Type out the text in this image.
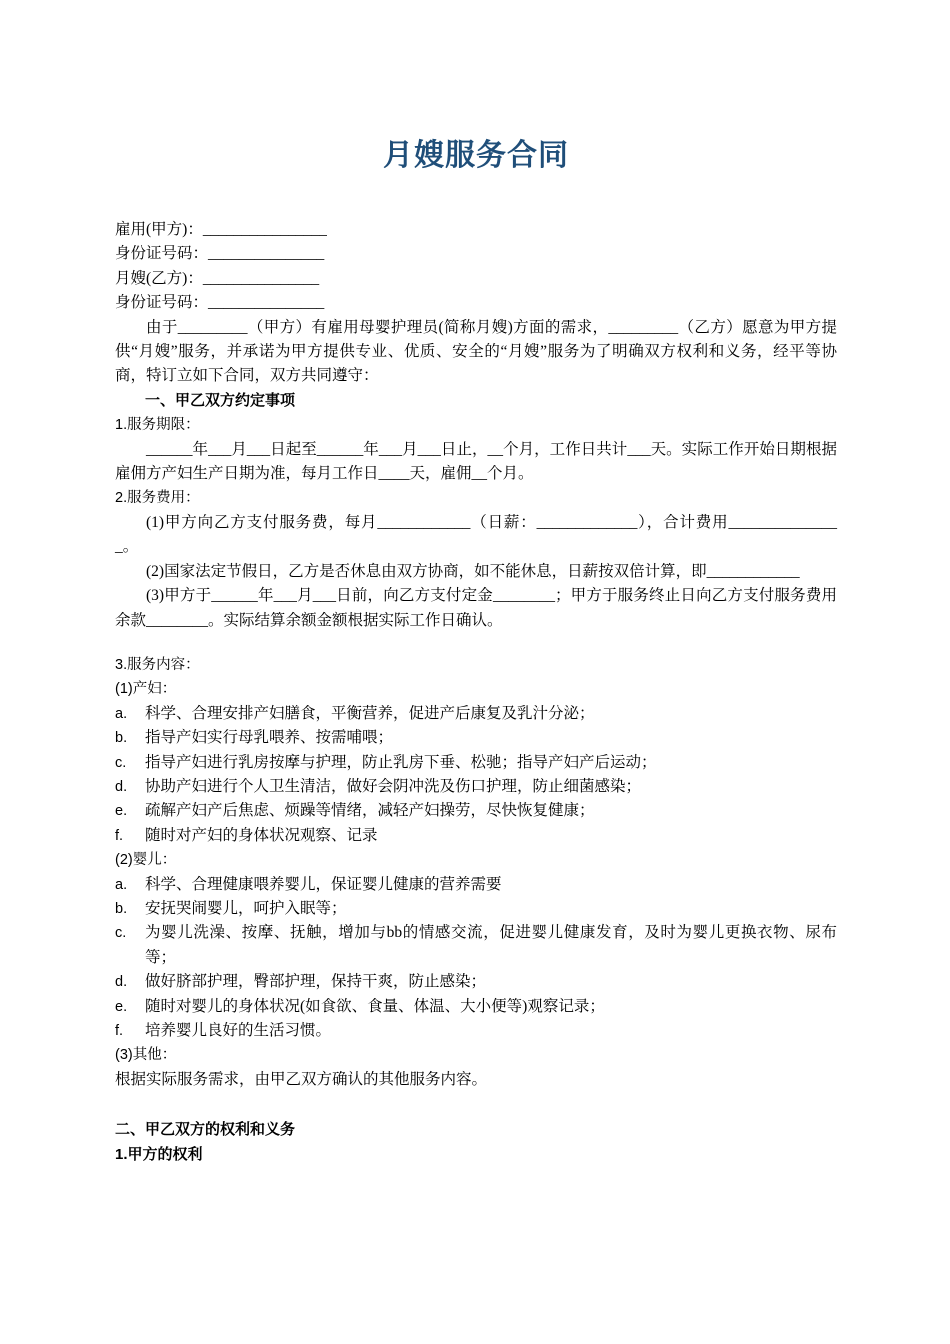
月嫂服务合同

雇用(甲方)：________________

身份证号码：_______________

月嫂(乙方)：_______________

身份证号码：_______________

由于_________（甲方）有雇用母婴护理员(简称月嫂)方面的需求，_________（乙方）愿意为甲方提供“月嫂”服务，并承诺为甲方提供专业、优质、安全的“月嫂”服务为了明确双方权利和义务，经平等协商，特订立如下合同，双方共同遵守：

一、甲乙双方约定事项

1.服务期限：

______年___月___日起至______年___月___日止，__个月，工作日共计___天。实际工作开始日期根据雇佣方产妇生产日期为准，每月工作日____天，雇佣__个月。

2.服务费用：

(1)甲方向乙方支付服务费，每月____________（日薪：_____________），合计费用_______________。

(2)国家法定节假日，乙方是否休息由双方协商，如不能休息，日薪按双倍计算，即____________

(3)甲方于______年___月___日前，向乙方支付定金________；甲方于服务终止日向乙方支付服务费用余款________。实际结算余额金额根据实际工作日确认。

3.服务内容：

(1)产妇：

a.	科学、合理安排产妇膳食，平衡营养，促进产后康复及乳汁分泌；
b.	指导产妇实行母乳喂养、按需哺喂；
c.	指导产妇进行乳房按摩与护理，防止乳房下垂、松驰；指导产妇产后运动；
d.	协助产妇进行个人卫生清洁，做好会阴冲洗及伤口护理，防止细菌感染；
e.	疏解产妇产后焦虑、烦躁等情绪，减轻产妇操劳，尽快恢复健康；
f.	随时对产妇的身体状况观察、记录

(2)婴儿：

a.	科学、合理健康喂养婴儿，保证婴儿健康的营养需要
b.	安抚哭闹婴儿，呵护入眠等；
c.	为婴儿洗澡、按摩、抚触，增加与bb的情感交流，促进婴儿健康发育，及时为婴儿更换衣物、尿布等；
d.	做好脐部护理，臀部护理，保持干爽，防止感染；
e.	随时对婴儿的身体状况(如食欲、食量、体温、大小便等)观察记录；
f.	培养婴儿良好的生活习惯。

(3)其他：

根据实际服务需求，由甲乙双方确认的其他服务内容。

二、甲乙双方的权利和义务

1.甲方的权利
